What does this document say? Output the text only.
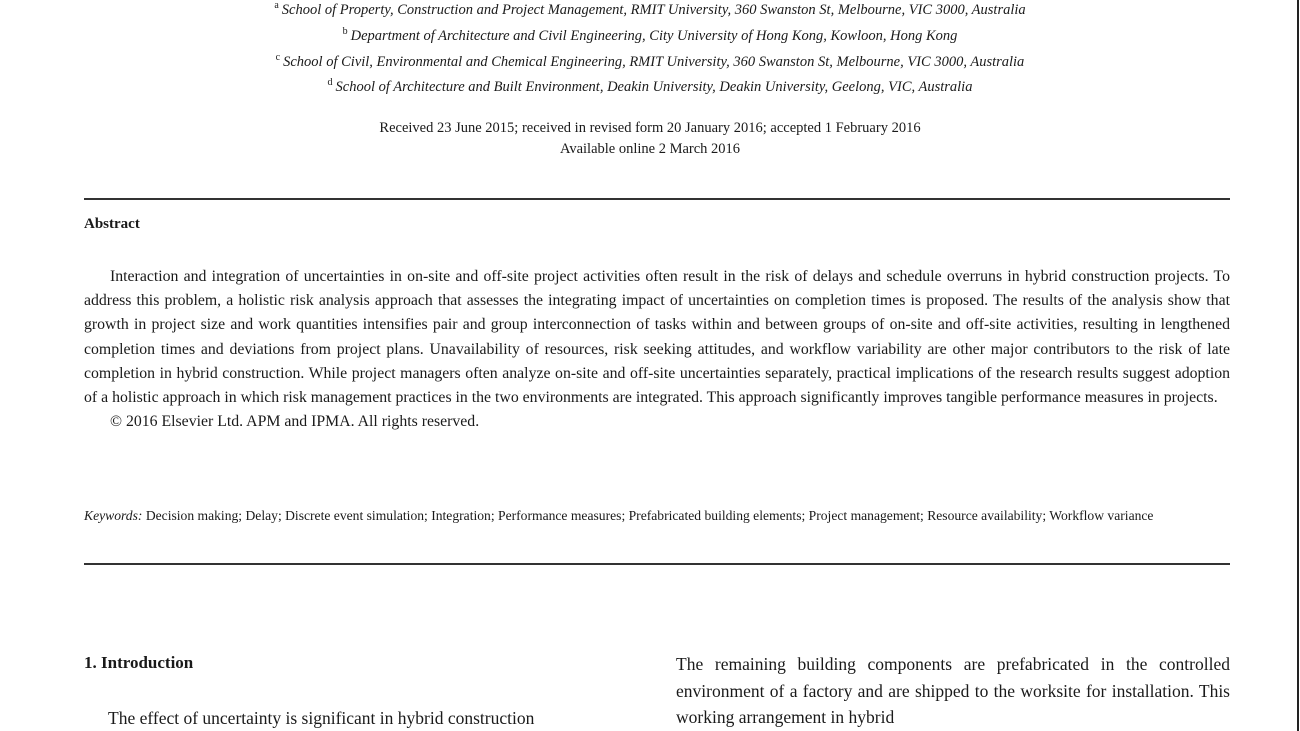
$^a$ School of Property, Construction and Project Management, RMIT University, 360 Swanston St, Melbourne, VIC 3000, Australia
$^b$ Department of Architecture and Civil Engineering, City University of Hong Kong, Kowloon, Hong Kong
$^c$ School of Civil, Environmental and Chemical Engineering, RMIT University, 360 Swanston St, Melbourne, VIC 3000, Australia
$^d$ School of Architecture and Built Environment, Deakin University, Deakin University, Geelong, VIC, Australia
Received 23 June 2015; received in revised form 20 January 2016; accepted 1 February 2016
Available online 2 March 2016
Abstract

Interaction and integration of uncertainties in on-site and off-site project activities often result in the risk of delays and schedule overruns in hybrid construction projects. To address this problem, a holistic risk analysis approach that assesses the integrating impact of uncertainties on completion times is proposed. The results of the analysis show that growth in project size and work quantities intensifies pair and group interconnection of tasks within and between groups of on-site and off-site activities, resulting in lengthened completion times and deviations from project plans. Unavailability of resources, risk seeking attitudes, and workflow variability are other major contributors to the risk of late completion in hybrid construction. While project managers often analyze on-site and off-site uncertainties separately, practical implications of the research results suggest adoption of a holistic approach in which risk management practices in the two environments are integrated. This approach significantly improves tangible performance measures in projects.

© 2016 Elsevier Ltd. APM and IPMA. All rights reserved.

Keywords: Decision making; Delay; Discrete event simulation; Integration; Performance measures; Prefabricated building elements; Project management; Resource availability; Workflow variance
1. Introduction

The effect of uncertainty is significant in hybrid construction

The remaining building components are prefabricated in the controlled environment of a factory and are shipped to the worksite for installation. This working arrangement in hybrid
